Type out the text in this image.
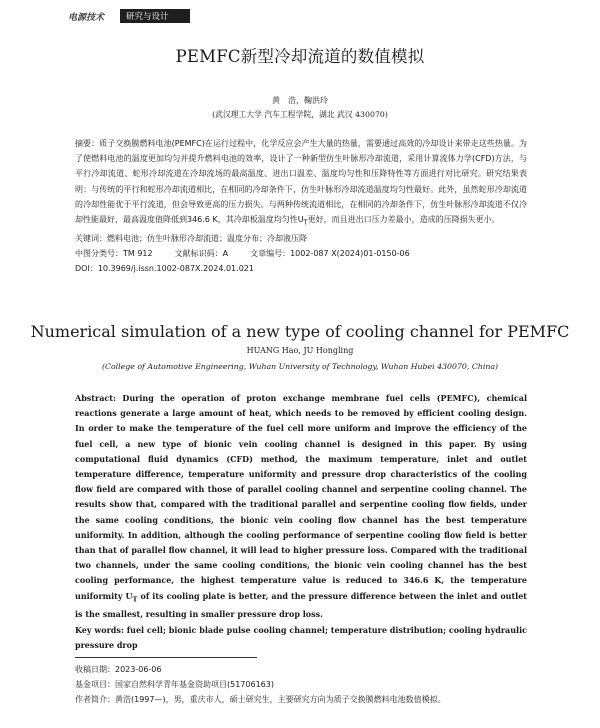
电源技术	研究与设计
PEMFC新型冷却流道的数值模拟
黄　浩，鞠洪玲
(武汉理工大学 汽车工程学院，湖北 武汉 430070)

摘要：质子交换膜燃料电池(PEMFC)在运行过程中，化学反应会产生大量的热量，需要通过高效的冷却设计来带走这些热量。为了使燃料电池的温度更加均匀并提升燃料电池的效率，设计了一种新型仿生叶脉形冷却流道，采用计算流体力学(CFD)方法，与平行冷却流道、蛇形冷却流道在冷却流场的最高温度、进出口温差、温度均匀性和压降特性等方面进行对比研究。研究结果表明：与传统的平行和蛇形冷却流道相比，在相同的冷却条件下，仿生叶脉形冷却流道温度均匀性最好。此外，虽然蛇形冷却流道的冷却性能优于平行流道，但会导致更高的压力损失。与两种传统流道相比，在相同的冷却条件下，仿生叶脉形冷却流道不仅冷却性能最好，最高温度值降低到346.6 K，其冷却板温度均匀性$U_T$更好，而且进出口压力差最小，造成的压降损失更小。

关键词：燃料电池；仿生叶脉形冷却流道；温度分布；冷却液压降

中图分类号：TM 912	文献标识码：A	文章编号：1002-087 X(2024)01-0150-06

DOI：10.3969/j.issn.1002-087X.2024.01.021

Numerical simulation of a new type of cooling channel for PEMFC
HUANG Hao, JU Hongling
(College of Automotive Engineering, Wuhan University of Technology, Wuhan Hubei 430070, China)

Abstract: During the operation of proton exchange membrane fuel cells (PEMFC), chemical reactions generate a large amount of heat, which needs to be removed by efficient cooling design. In order to make the temperature of the fuel cell more uniform and improve the efficiency of the fuel cell, a new type of bionic vein cooling channel is designed in this paper. By using computational fluid dynamics (CFD) method, the maximum temperature, inlet and outlet temperature difference, temperature uniformity and pressure drop characteristics of the cooling flow field are compared with those of parallel cooling channel and serpentine cooling channel. The results show that, compared with the traditional parallel and serpentine cooling flow fields, under the same cooling conditions, the bionic vein cooling flow channel has the best temperature uniformity. In addition, although the cooling performance of serpentine cooling flow field is better than that of parallel flow channel, it will lead to higher pressure loss. Compared with the traditional two channels, under the same cooling conditions, the bionic vein cooling channel has the best cooling performance, the highest temperature value is reduced to 346.6 K, the temperature uniformity $U_T$ of its cooling plate is better, and the pressure difference between the inlet and outlet is the smallest, resulting in smaller pressure drop loss.

Key words: fuel cell; bionic blade pulse cooling channel; temperature distribution; cooling hydraulic pressure drop

收稿日期：2023-06-06

基金项目：国家自然科学青年基金资助项目(51706163)

作者简介：黄浩(1997—)，男，重庆市人，硕士研究生，主要研究方向为质子交换膜燃料电池数值模拟。
